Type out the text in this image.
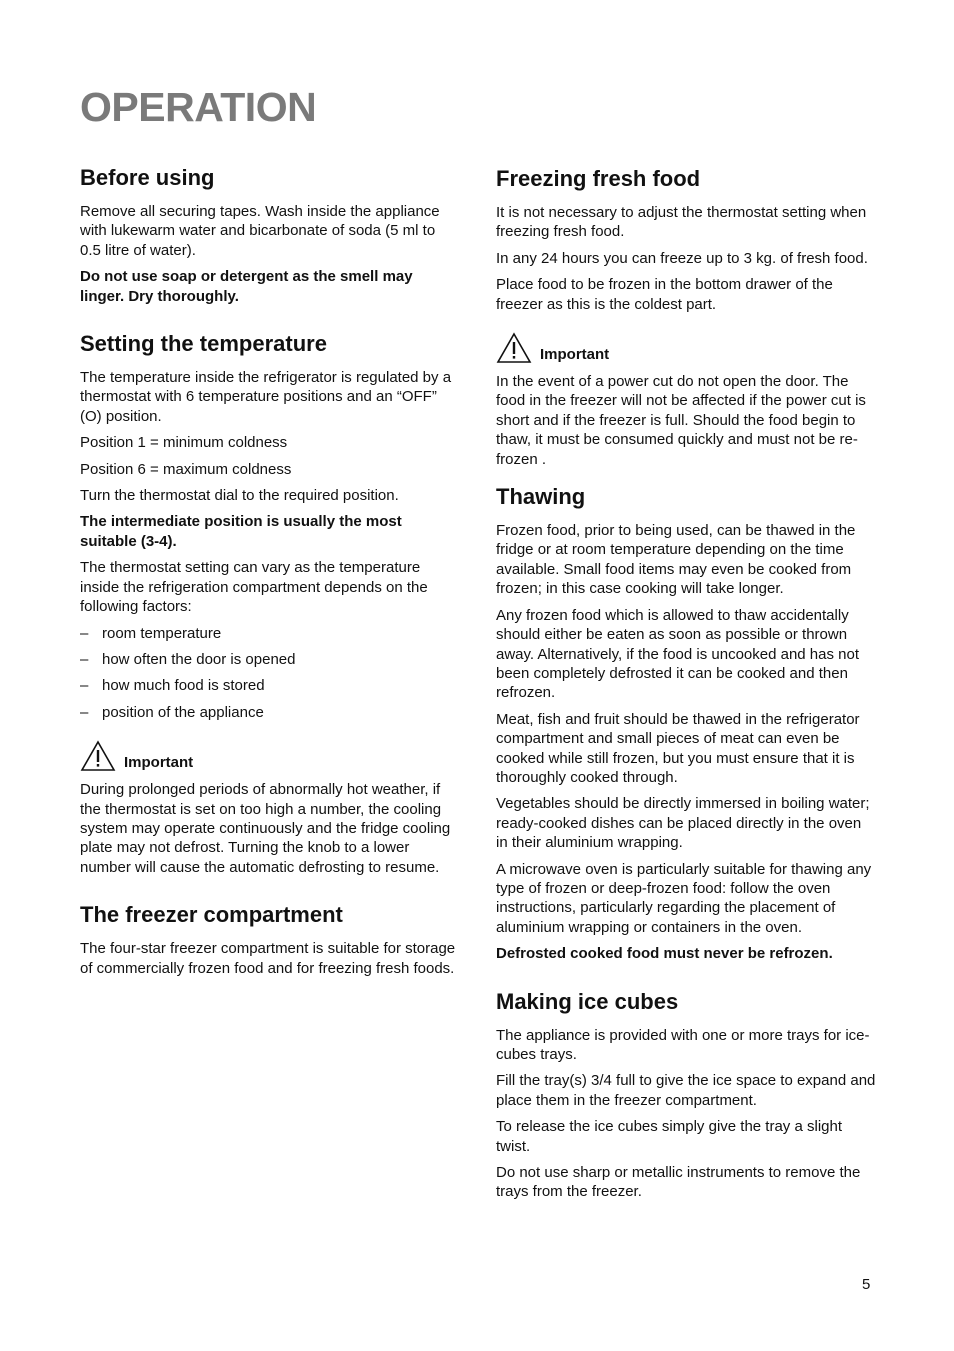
OPERATION
Before using

Remove all securing tapes. Wash inside the appliance with lukewarm water and bicarbonate of soda (5 ml to 0.5 litre of water).

Do not use soap or detergent as the smell may linger. Dry thoroughly.

Setting the temperature

The temperature inside the refrigerator is regulated by a thermostat with 6 temperature positions and an “OFF” (O) position.

Position 1 = minimum coldness

Position 6 = maximum coldness

Turn the thermostat dial to the required position.

The intermediate position is usually the most suitable (3-4).

The thermostat setting can vary as the temperature inside the refrigeration compartment depends on the following factors:

– room temperature
– how often the door is opened
– how much food is stored
– position of the appliance
Important

During prolonged periods of abnormally hot weather, if the thermostat is set on too high a number, the cooling system may operate continuously and the fridge cooling plate may not defrost. Turning the knob to a lower number will cause the automatic defrosting to resume.

The freezer compartment

The four-star freezer compartment is suitable for storage of commercially frozen food and for freezing fresh foods.

Freezing fresh food

It is not necessary to adjust the thermostat setting when freezing fresh food.

In any 24 hours you can freeze up to 3 kg. of fresh food.

Place food to be frozen in the bottom drawer of the freezer as this is the coldest part.

Important

In the event of a power cut do not open the door. The food in the freezer will not be affected if the power cut is short and if the freezer is full. Should the food begin to thaw, it must be consumed quickly and must not be re-frozen .

Thawing

Frozen food, prior to being used, can be thawed in the fridge or at room temperature depending on the time available. Small food items may even be cooked from frozen; in this case cooking will take longer.

Any frozen food which is allowed to thaw accidentally should either be eaten as soon as possible or thrown away. Alternatively, if the food is uncooked and has not been completely defrosted it can be cooked and then refrozen.

Meat, fish and fruit should be thawed in the refrigerator compartment and small pieces of meat can even be cooked while still frozen, but you must ensure that it is thoroughly cooked through.

Vegetables should be directly immersed in boiling water; ready-cooked dishes can be placed directly in the oven in their aluminium wrapping.

A microwave oven is particularly suitable for thawing any type of frozen or deep-frozen food: follow the oven instructions, particularly regarding the placement of aluminium wrapping or containers in the oven.

Defrosted cooked food must never be refrozen.

Making ice cubes

The appliance is provided with one or more trays for ice-cubes trays.

Fill the tray(s) 3/4 full to give the ice space to expand and place them in the freezer compartment.

To release the ice cubes simply give the tray a slight twist.

Do not use sharp or metallic instruments to remove the trays from the freezer.

5
